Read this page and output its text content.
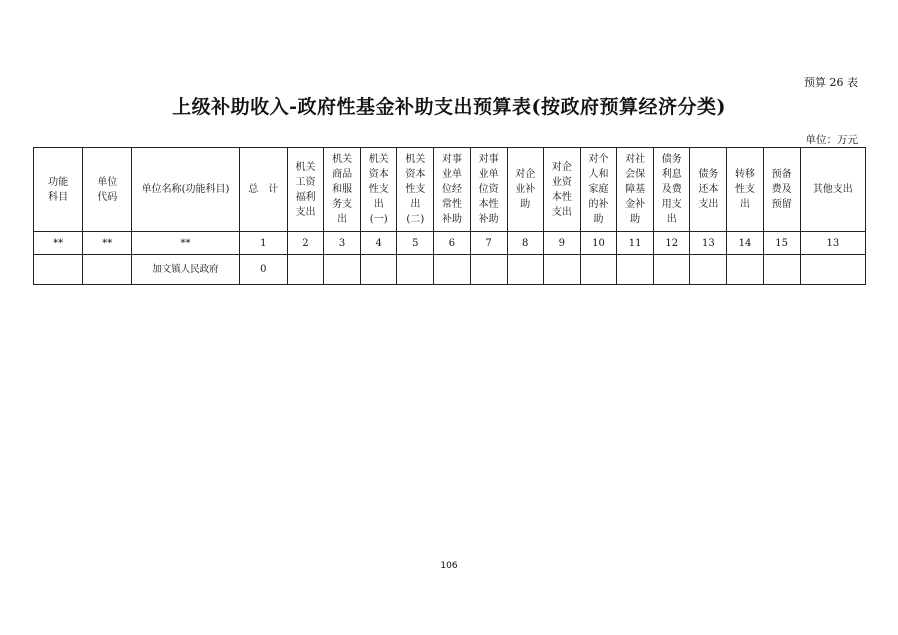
预算 26 表
上级补助收入-政府性基金补助支出预算表(按政府预算经济分类)
单位：万元
功能科目	单位代码	单位名称(功能科目)	总　计	机关工资福利支出	机关商品和服务支出	机关资本性支出(一)	机关资本性支出(二)	对事业单位经常性补助	对事业单位资本性补助	对企业补助	对企业资本性支出	对个人和家庭的补助	对社会保障基金补助	债务利息及费用支出	债务还本支出	转移性支出	预备费及预留	其他支出
**	**	**	1	2	3	4	5	6	7	8	9	10	11	12	13	14	15	13
		加文镇人民政府	0															
106
